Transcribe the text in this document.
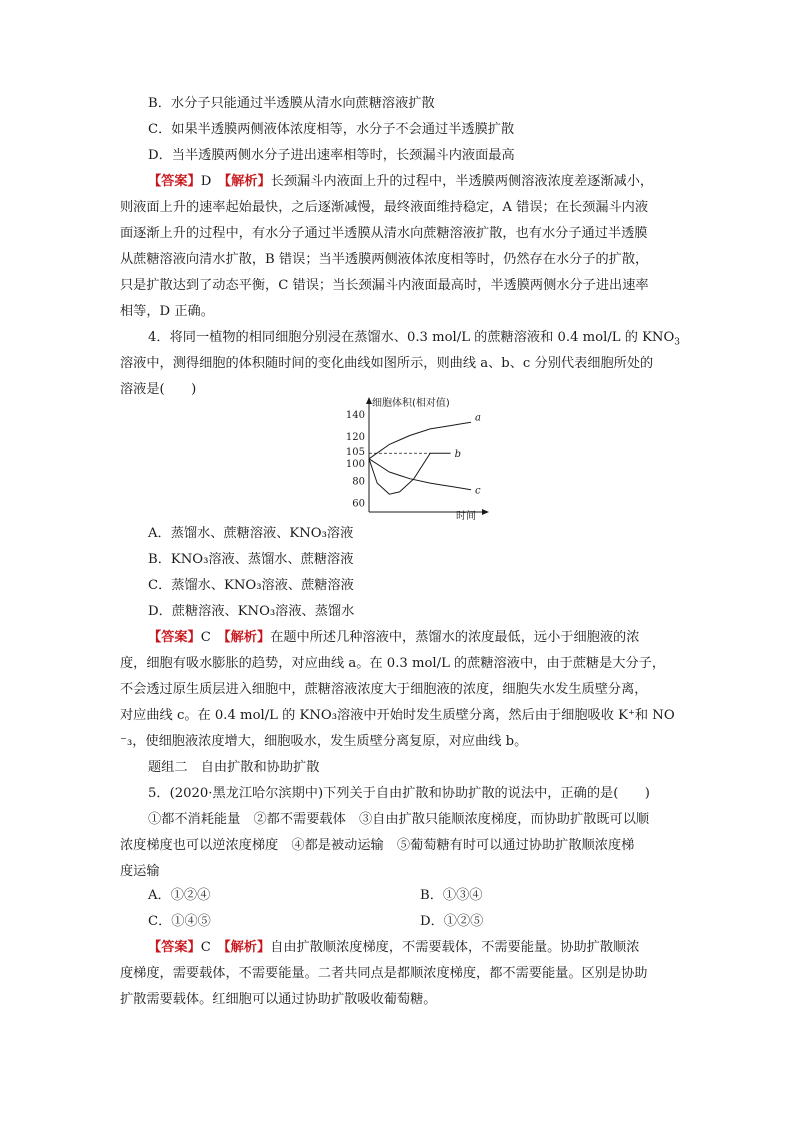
B．水分子只能通过半透膜从清水向蔗糖溶液扩散
C．如果半透膜两侧液体浓度相等，水分子不会通过半透膜扩散
D．当半透膜两侧水分子进出速率相等时，长颈漏斗内液面最高
【答案】D　 【解析】长颈漏斗内液面上升的过程中，半透膜两侧溶液浓度差逐渐减小，
则液面上升的速率起始最快，之后逐渐减慢，最终液面维持稳定，A 错误；在长颈漏斗内液
面逐渐上升的过程中，有水分子通过半透膜从清水向蔗糖溶液扩散，也有水分子通过半透膜
从蔗糖溶液向清水扩散，B 错误；当半透膜两侧液体浓度相等时，仍然存在水分子的扩散，
只是扩散达到了动态平衡，C 错误；当长颈漏斗内液面最高时，半透膜两侧水分子进出速率
相等，D 正确。
4．将同一植物的相同细胞分别浸在蒸馏水、0.3 mol/L 的蔗糖溶液和 0.4 mol/L 的 $KNO_3$
溶液中，测得细胞的体积随时间的变化曲线如图所示，则曲线 a、b、c 分别代表细胞所处的
溶液是(　　)
细胞体积(相对值)
时间
60
80
100
105
120
140	a
b
c
A．蒸馏水、蔗糖溶液、KNO₃溶液
B．KNO₃溶液、蒸馏水、蔗糖溶液
C．蒸馏水、KNO₃溶液、蔗糖溶液
D．蔗糖溶液、KNO₃溶液、蒸馏水
【答案】C　 【解析】在题中所述几种溶液中，蒸馏水的浓度最低，远小于细胞液的浓
度，细胞有吸水膨胀的趋势，对应曲线 a。在 0.3 mol/L 的蔗糖溶液中，由于蔗糖是大分子，
不会透过原生质层进入细胞中，蔗糖溶液浓度大于细胞液的浓度，细胞失水发生质壁分离，
对应曲线 c。在 0.4 mol/L 的 KNO₃溶液中开始时发生质壁分离，然后由于细胞吸收 K⁺和 NO
⁻₃，使细胞液浓度增大，细胞吸水，发生质壁分离复原，对应曲线 b。
题组二　自由扩散和协助扩散
5．(2020·黑龙江哈尔滨期中)下列关于自由扩散和协助扩散的说法中，正确的是(　　)
①都不消耗能量　②都不需要载体　③自由扩散只能顺浓度梯度，而协助扩散既可以顺
浓度梯度也可以逆浓度梯度　④都是被动运输　⑤葡萄糖有时可以通过协助扩散顺浓度梯
度运输
A．①②④	B．①③④
C．①④⑤	D．①②⑤
【答案】C　 【解析】自由扩散顺浓度梯度，不需要载体，不需要能量。协助扩散顺浓
度梯度，需要载体，不需要能量。二者共同点是都顺浓度梯度，都不需要能量。区别是协助
扩散需要载体。红细胞可以通过协助扩散吸收葡萄糖。
